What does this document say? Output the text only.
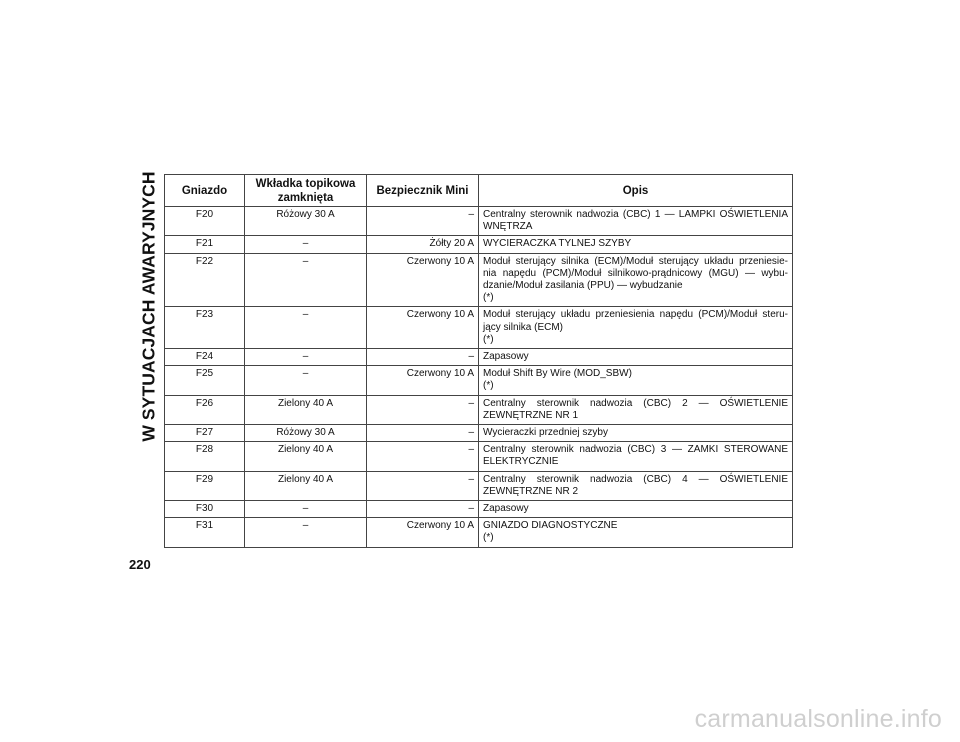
W SYTUACJACH AWARYJNYCH Gniazdo	Wkładka topikowa zamknięta	Bezpiecznik Mini	Opis
F20	Różowy 30 A	–	Centralny sterownik nadwozia (CBC) 1 — LAMPKI OŚWIETLENIA
WNĘTRZA

F21	–	Żółty 20 A	WYCIERACZKA TYLNEJ SZYBY

F22	–	Czerwony 10 A	Moduł sterujący silnika (ECM)/Moduł sterujący układu przeniesie-
nia napędu (PCM)/Moduł silnikowo-prądnicowy (MGU) — wybu-
dzanie/Moduł zasilania (PPU) — wybudzanie
(*)

F23	–	Czerwony 10 A	Moduł sterujący układu przeniesienia napędu (PCM)/Moduł steru-
jący silnika (ECM)
(*)

F24	–	–	Zapasowy

F25	–	Czerwony 10 A	Moduł Shift By Wire (MOD_SBW)
(*)

F26	Zielony 40 A	–	Centralny sterownik nadwozia (CBC) 2 — OŚWIETLENIE
ZEWNĘTRZNE NR 1

F27	Różowy 30 A	–	Wycieraczki przedniej szyby

F28	Zielony 40 A	–	Centralny sterownik nadwozia (CBC) 3 — ZAMKI STEROWANE
ELEKTRYCZNIE

F29	Zielony 40 A	–	Centralny sterownik nadwozia (CBC) 4 — OŚWIETLENIE
ZEWNĘTRZNE NR 2

F30	–	–	Zapasowy

F31	–	Czerwony 10 A	GNIAZDO DIAGNOSTYCZNE
(*)
220
carmanualsonline.info
